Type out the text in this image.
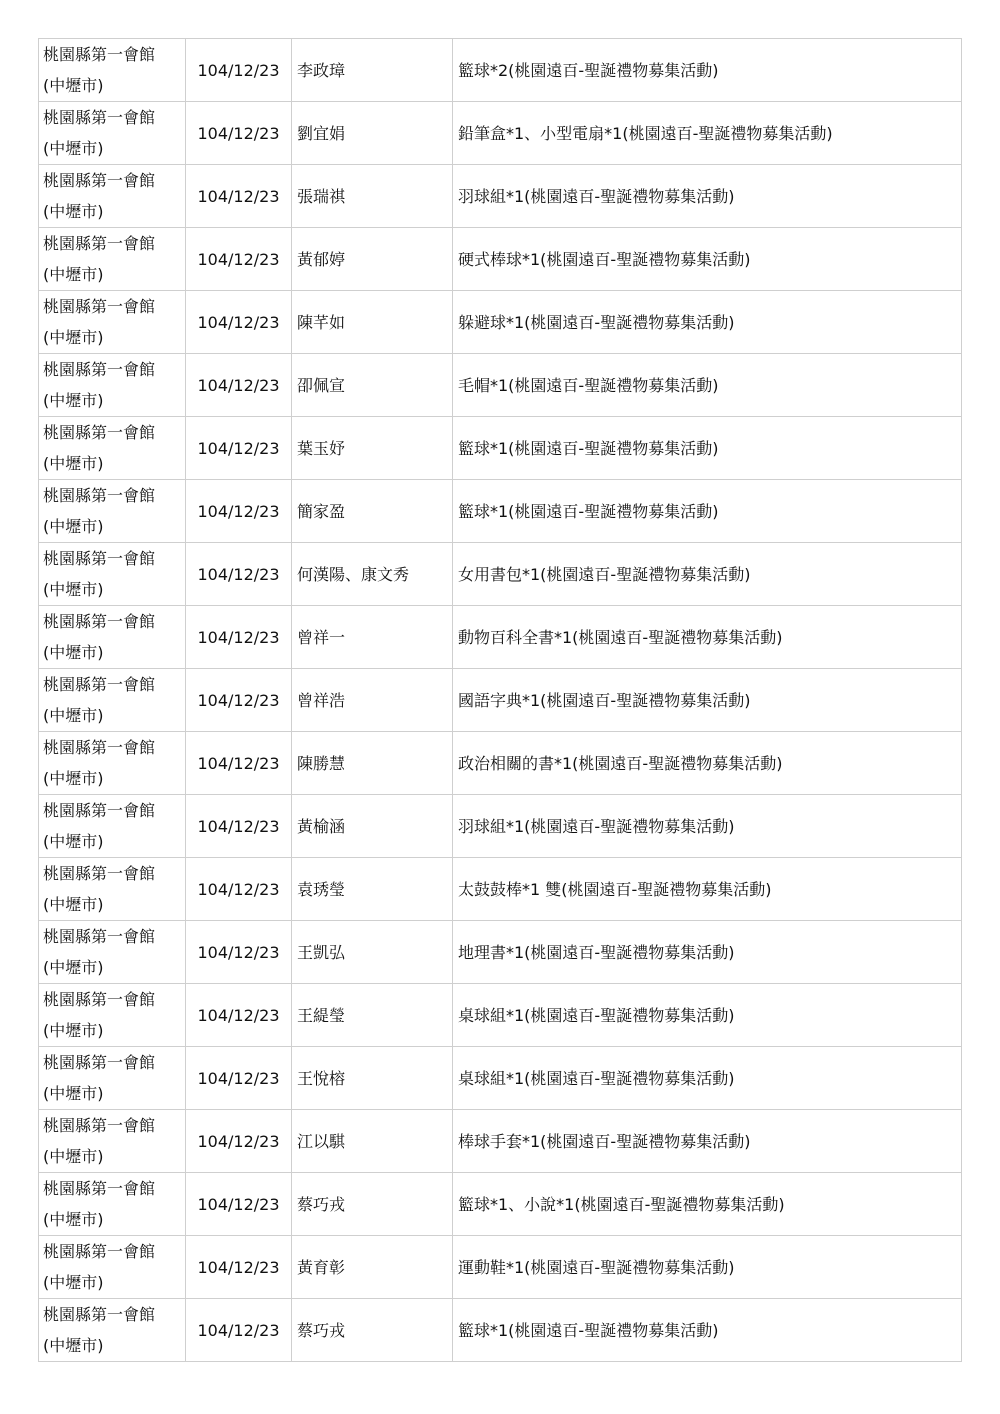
桃園縣第一會館
(中壢市)	104/12/23	李政璋	籃球*2(桃園遠百-聖誕禮物募集活動)

桃園縣第一會館
(中壢市)	104/12/23	劉宜娟	鉛筆盒*1、小型電扇*1(桃園遠百-聖誕禮物募集活動)

桃園縣第一會館
(中壢市)	104/12/23	張瑞祺	羽球組*1(桃園遠百-聖誕禮物募集活動)

桃園縣第一會館
(中壢市)	104/12/23	黃郁婷	硬式棒球*1(桃園遠百-聖誕禮物募集活動)

桃園縣第一會館
(中壢市)	104/12/23	陳芊如	躲避球*1(桃園遠百-聖誕禮物募集活動)

桃園縣第一會館
(中壢市)	104/12/23	卲佩宣	毛帽*1(桃園遠百-聖誕禮物募集活動)

桃園縣第一會館
(中壢市)	104/12/23	葉玉妤	籃球*1(桃園遠百-聖誕禮物募集活動)

桃園縣第一會館
(中壢市)	104/12/23	簡家盈	籃球*1(桃園遠百-聖誕禮物募集活動)

桃園縣第一會館
(中壢市)	104/12/23	何漢陽、康文秀	女用書包*1(桃園遠百-聖誕禮物募集活動)

桃園縣第一會館
(中壢市)	104/12/23	曾祥一	動物百科全書*1(桃園遠百-聖誕禮物募集活動)

桃園縣第一會館
(中壢市)	104/12/23	曾祥浩	國語字典*1(桃園遠百-聖誕禮物募集活動)

桃園縣第一會館
(中壢市)	104/12/23	陳勝慧	政治相關的書*1(桃園遠百-聖誕禮物募集活動)

桃園縣第一會館
(中壢市)	104/12/23	黃榆涵	羽球組*1(桃園遠百-聖誕禮物募集活動)

桃園縣第一會館
(中壢市)	104/12/23	袁琇瑩	太鼓鼓棒*1 雙(桃園遠百-聖誕禮物募集活動)

桃園縣第一會館
(中壢市)	104/12/23	王凱弘	地理書*1(桃園遠百-聖誕禮物募集活動)

桃園縣第一會館
(中壢市)	104/12/23	王緹瑩	桌球組*1(桃園遠百-聖誕禮物募集活動)

桃園縣第一會館
(中壢市)	104/12/23	王悅榕	桌球組*1(桃園遠百-聖誕禮物募集活動)

桃園縣第一會館
(中壢市)	104/12/23	江以騏	棒球手套*1(桃園遠百-聖誕禮物募集活動)

桃園縣第一會館
(中壢市)	104/12/23	蔡巧戎	籃球*1、小說*1(桃園遠百-聖誕禮物募集活動)

桃園縣第一會館
(中壢市)	104/12/23	黃育彰	運動鞋*1(桃園遠百-聖誕禮物募集活動)

桃園縣第一會館
(中壢市)	104/12/23	蔡巧戎	籃球*1(桃園遠百-聖誕禮物募集活動)
